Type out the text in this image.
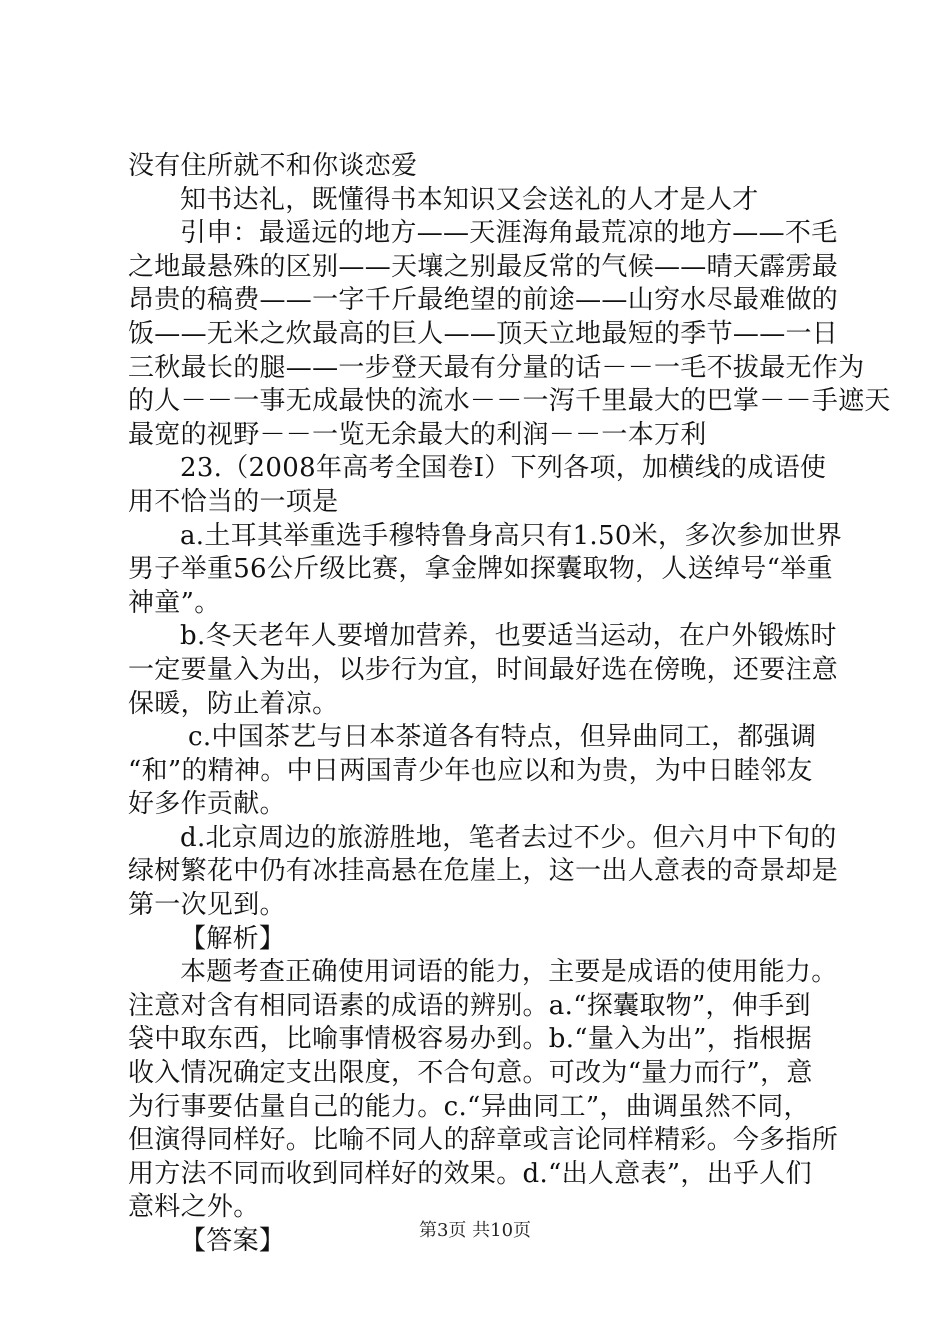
没有住所就不和你谈恋爱
知书达礼，既懂得书本知识又会送礼的人才是人才
引申：最遥远的地方——天涯海角最荒凉的地方——不毛
之地最悬殊的区别——天壤之别最反常的气候——晴天霹雳最
昂贵的稿费——一字千斤最绝望的前途——山穷水尽最难做的
饭——无米之炊最高的巨人——顶天立地最短的季节——一日
三秋最长的腿——一步登天最有分量的话－－一毛不拔最无作为
的人－－一事无成最快的流水－－一泻千里最大的巴掌－－手遮天
最宽的视野－－一览无余最大的利润－－一本万利
23.（2008年高考全国卷Ⅰ）下列各项，加横线的成语使
用不恰当的一项是
a.土耳其举重选手穆特鲁身高只有1.50米，多次参加世界
男子举重56公斤级比赛，拿金牌如探囊取物，人送绰号“举重
神童”。
b.冬天老年人要增加营养，也要适当运动，在户外锻炼时
一定要量入为出，以步行为宜，时间最好选在傍晚，还要注意
保暖，防止着凉。
c.中国茶艺与日本茶道各有特点，但异曲同工，都强调
“和”的精神。中日两国青少年也应以和为贵，为中日睦邻友
好多作贡献。
d.北京周边的旅游胜地，笔者去过不少。但六月中下旬的
绿树繁花中仍有冰挂高悬在危崖上，这一出人意表的奇景却是
第一次见到。
【解析】
本题考查正确使用词语的能力，主要是成语的使用能力。
注意对含有相同语素的成语的辨别。a.“探囊取物”，伸手到
袋中取东西，比喻事情极容易办到。b.“量入为出”，指根据
收入情况确定支出限度，不合句意。可改为“量力而行”，意
为行事要估量自己的能力。c.“异曲同工”，曲调虽然不同，
但演得同样好。比喻不同人的辞章或言论同样精彩。今多指所
用方法不同而收到同样好的效果。d.“出人意表”，出乎人们
意料之外。
【答案】	第3页 共10页
